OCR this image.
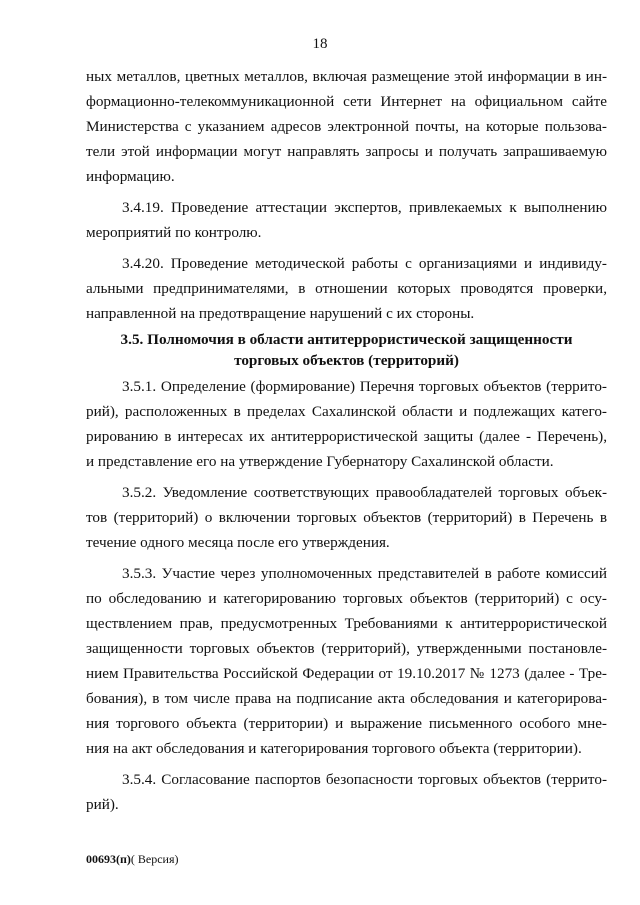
18
ных металлов, цветных металлов, включая размещение этой информации в ин-
формационно-телекоммуникационной сети Интернет на официальном сайте
Министерства с указанием адресов электронной почты, на которые пользова-
тели этой информации могут направлять запросы и получать запрашиваемую
информацию.
3.4.19. Проведение аттестации экспертов, привлекаемых к выполнению
мероприятий по контролю.
3.4.20. Проведение методической работы с организациями и индивиду-
альными предпринимателями, в отношении которых проводятся проверки,
направленной на предотвращение нарушений с их стороны.
3.5. Полномочия в области антитеррористической защищенности
торговых объектов (территорий)
3.5.1. Определение (формирование) Перечня торговых объектов (террито-
рий), расположенных в пределах Сахалинской области и подлежащих катего-
рированию в интересах их антитеррористической защиты (далее - Перечень),
и представление его на утверждение Губернатору Сахалинской области.
3.5.2. Уведомление соответствующих правообладателей торговых объек-
тов (территорий) о включении торговых объектов (территорий) в Перечень в
течение одного месяца после его утверждения.
3.5.3. Участие через уполномоченных представителей в работе комиссий
по обследованию и категорированию торговых объектов (территорий) с осу-
ществлением прав, предусмотренных Требованиями к антитеррористической
защищенности торговых объектов (территорий), утвержденными постановле-
нием Правительства Российской Федерации от 19.10.2017 № 1273 (далее - Тре-
бования), в том числе права на подписание акта обследования и категорирова-
ния торгового объекта (территории) и выражение письменного особого мне-
ния на акт обследования и категорирования торгового объекта (территории).
3.5.4. Согласование паспортов безопасности торговых объектов (террито-
рий).
00693(п)( Версия)
